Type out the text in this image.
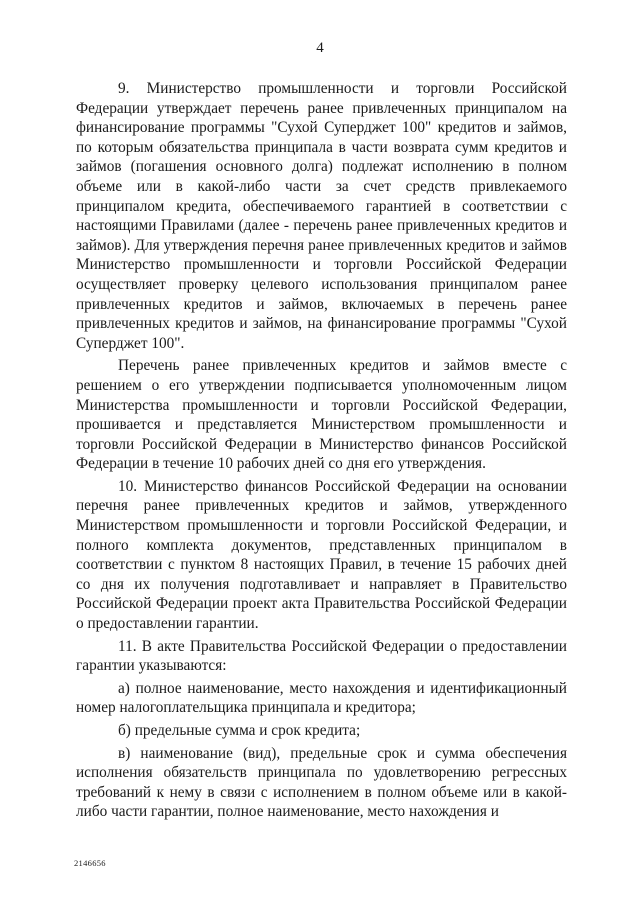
4

9. Министерство промышленности и торговли Российской Федерации утверждает перечень ранее привлеченных принципалом на финансирование программы "Сухой Суперджет 100" кредитов и займов, по которым обязательства принципала в части возврата сумм кредитов и займов (погашения основного долга) подлежат исполнению в полном объеме или в какой-либо части за счет средств привлекаемого принципалом кредита, обеспечиваемого гарантией в соответствии с настоящими Правилами (далее - перечень ранее привлеченных кредитов и займов). Для утверждения перечня ранее привлеченных кредитов и займов Министерство промышленности и торговли Российской Федерации осуществляет проверку целевого использования принципалом ранее привлеченных кредитов и займов, включаемых в перечень ранее привлеченных кредитов и займов, на финансирование программы "Сухой Суперджет 100".

Перечень ранее привлеченных кредитов и займов вместе с решением о его утверждении подписывается уполномоченным лицом Министерства промышленности и торговли Российской Федерации, прошивается и представляется Министерством промышленности и торговли Российской Федерации в Министерство финансов Российской Федерации в течение 10 рабочих дней со дня его утверждения.

10. Министерство финансов Российской Федерации на основании перечня ранее привлеченных кредитов и займов, утвержденного Министерством промышленности и торговли Российской Федерации, и полного комплекта документов, представленных принципалом в соответствии с пунктом 8 настоящих Правил, в течение 15 рабочих дней со дня их получения подготавливает и направляет в Правительство Российской Федерации проект акта Правительства Российской Федерации о предоставлении гарантии.

11. В акте Правительства Российской Федерации о предоставлении гарантии указываются:

а) полное наименование, место нахождения и идентификационный номер налогоплательщика принципала и кредитора;

б) предельные сумма и срок кредита;

в) наименование (вид), предельные срок и сумма обеспечения исполнения обязательств принципала по удовлетворению регрессных требований к нему в связи с исполнением в полном объеме или в какой-либо части гарантии, полное наименование, место нахождения и

2146656
